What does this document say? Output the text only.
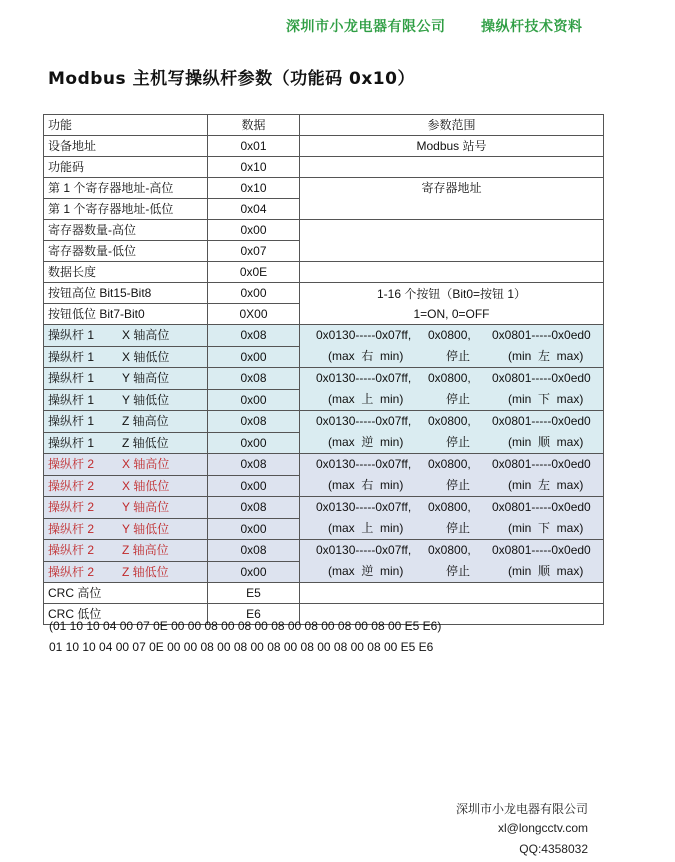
深圳市小龙电器有限公司	操纵杆技术资料
Modbus 主机写操纵杆参数（功能码 0x10）
功能	数据	参数范围
设备地址	0x01	Modbus 站号
功能码	0x10	
第 1 个寄存器地址-高位	0x10	寄存器地址
第 1 个寄存器地址-低位	0x04	
寄存器数量-高位	0x00	
寄存器数量-低位	0x07	
数据长度	0x0E	
按钮高位 Bit15-Bit8	0x00	1-16 个按钮（Bit0=按钮 1）
1=ON, 0=OFF

按钮低位 Bit7-Bit0	0X00	
操纵杆 1 X 轴高位	0x08	0x0130-----0x07ff, 0x0800, 0x0801-----0x0ed0
(max  右  min) 停止 (min  左  max)

操纵杆 1 X 轴低位	0x00	
操纵杆 1 Y 轴高位	0x08	0x0130-----0x07ff, 0x0800, 0x0801-----0x0ed0
(max  上  min) 停止 (min  下  max)

操纵杆 1 Y 轴低位	0x00	
操纵杆 1 Z 轴高位	0x08	0x0130-----0x07ff, 0x0800, 0x0801-----0x0ed0
(max  逆  min) 停止 (min  顺  max)

操纵杆 1 Z 轴低位	0x00	
操纵杆 2 X 轴高位	0x08	0x0130-----0x07ff, 0x0800, 0x0801-----0x0ed0
(max  右  min) 停止 (min  左  max)

操纵杆 2 X 轴低位	0x00	
操纵杆 2 Y 轴高位	0x08	0x0130-----0x07ff, 0x0800, 0x0801-----0x0ed0
(max  上  min) 停止 (min  下  max)

操纵杆 2 Y 轴低位	0x00	
操纵杆 2 Z 轴高位	0x08	0x0130-----0x07ff, 0x0800, 0x0801-----0x0ed0
(max  逆  min) 停止 (min  顺  max)

操纵杆 2 Z 轴低位	0x00	
CRC 高位	E5	
CRC 低位	E6	
(01 10 10 04 00 07 0E 00 00 08 00 08 00 08 00 08 00 08 00 08 00 E5 E6)
01 10 10 04 00 07 0E 00 00 08 00 08 00 08 00 08 00 08 00 08 00 E5 E6
深圳市小龙电器有限公司
xl@longcctv.com
QQ:4358032
